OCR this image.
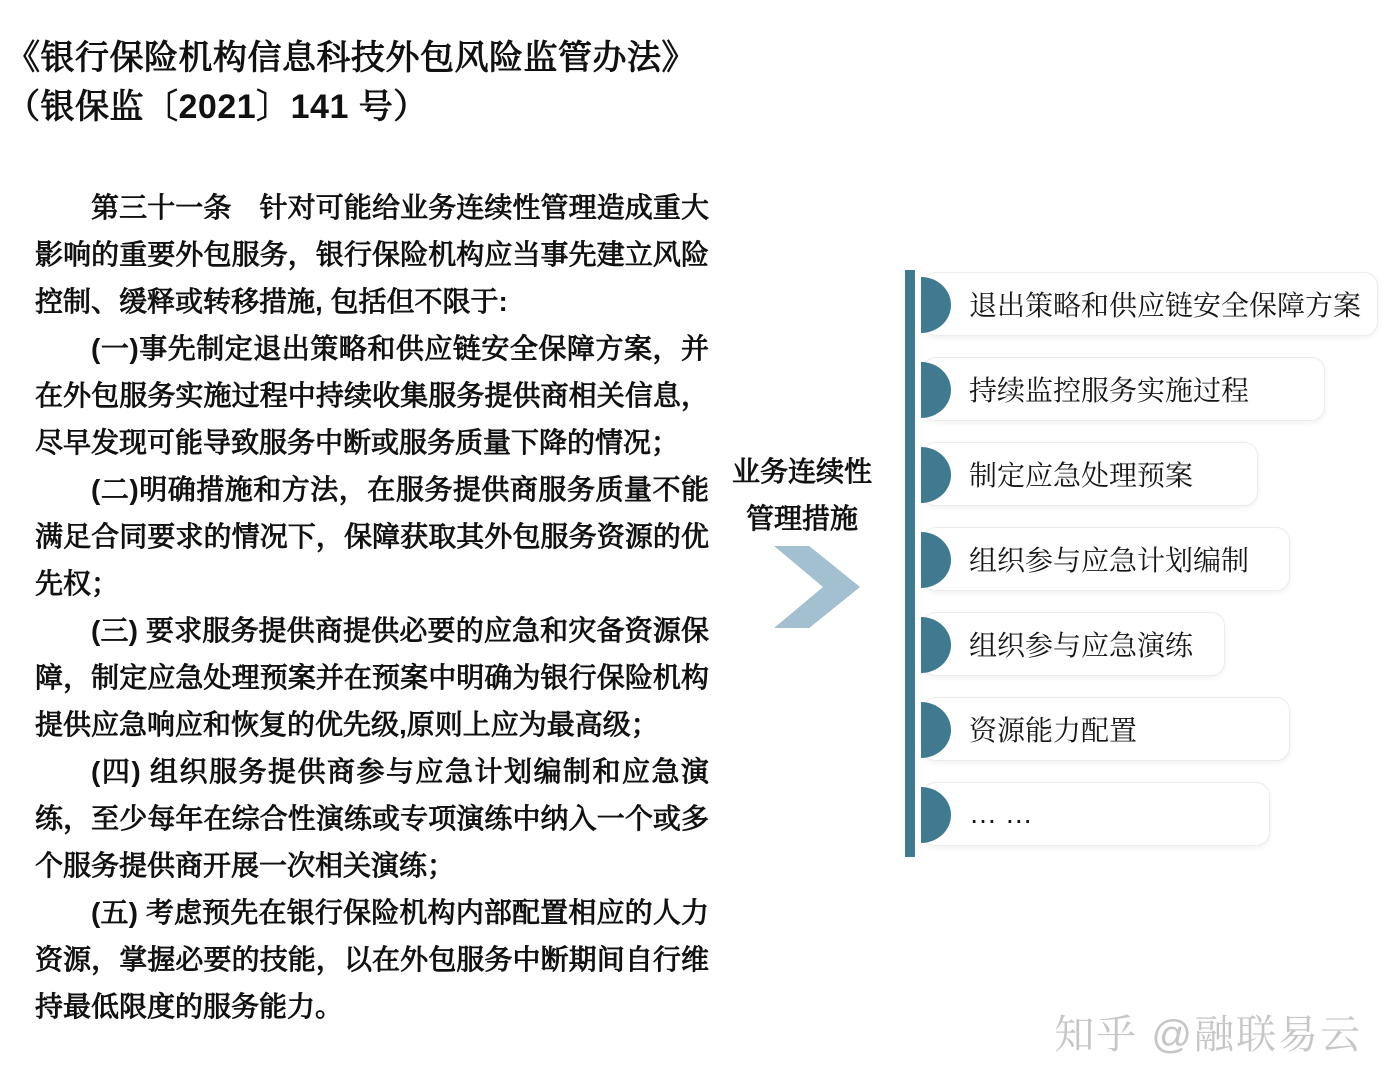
《银行保险机构信息科技外包风险监管办法》
（银保监〔2021〕141 号）

第三十一条　针对可能给业务连续性管理造成重大影响的重要外包服务，银行保险机构应当事先建立风险控制、缓释或转移措施, 包括但不限于:

(一)事先制定退出策略和供应链安全保障方案，并在外包服务实施过程中持续收集服务提供商相关信息，尽早发现可能导致服务中断或服务质量下降的情况；

(二)明确措施和方法，在服务提供商服务质量不能满足合同要求的情况下，保障获取其外包服务资源的优先权；

(三) 要求服务提供商提供必要的应急和灾备资源保障，制定应急处理预案并在预案中明确为银行保险机构提供应急响应和恢复的优先级,原则上应为最高级；

(四) 组织服务提供商参与应急计划编制和应急演练，至少每年在综合性演练或专项演练中纳入一个或多个服务提供商开展一次相关演练；

(五) 考虑预先在银行保险机构内部配置相应的人力资源，掌握必要的技能，以在外包服务中断期间自行维持最低限度的服务能力。

业务连续性
管理措施
退出策略和供应链安全保障方案
持续监控服务实施过程
制定应急处理预案
组织参与应急计划编制
组织参与应急演练
资源能力配置
… …
知乎 @融联易云
